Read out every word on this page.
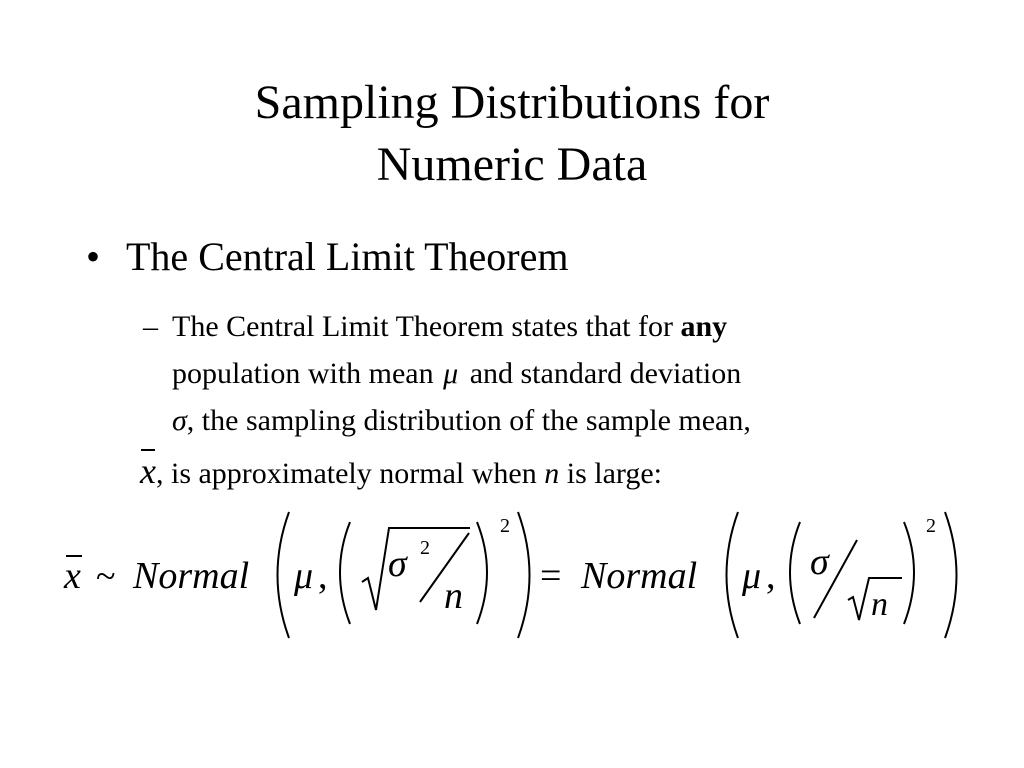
Sampling Distributions for
Numeric Data
• The Central Limit Theorem
– The Central Limit Theorem states that for any
population with mean μ and standard deviation
σ, the sampling distribution of the sample mean,
x, is approximately normal when n is large:
x ~ Normal μ , σ 2
n
2
= Normal μ , σ
n
2
